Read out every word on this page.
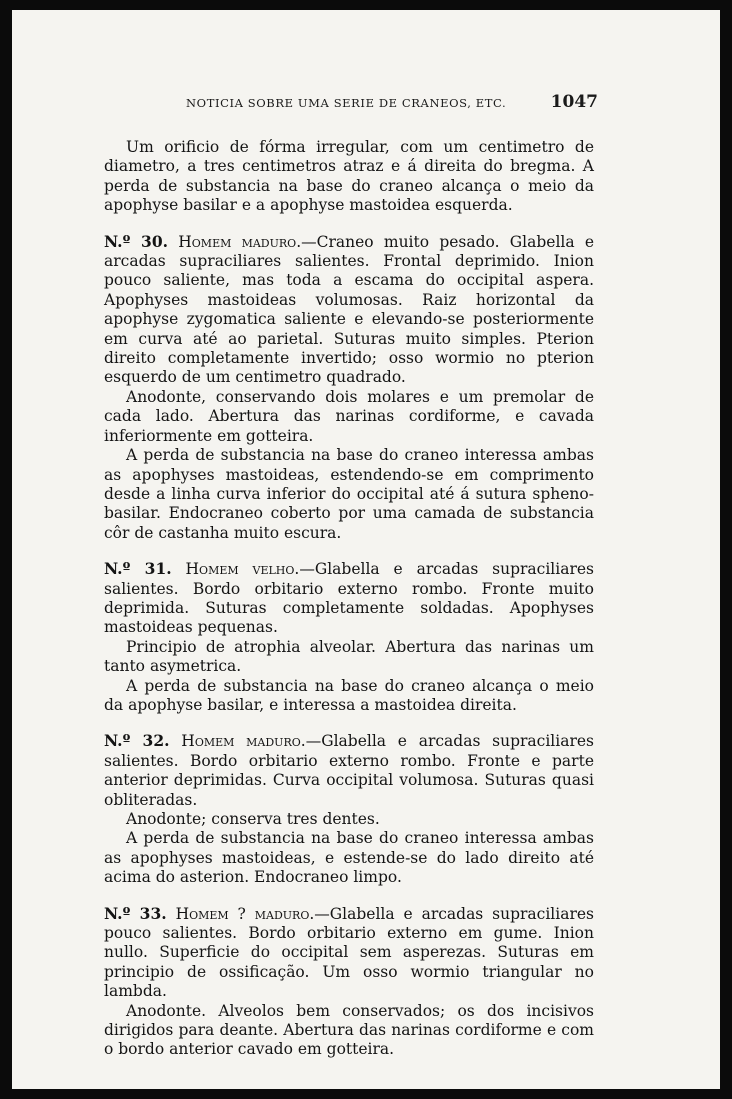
NOTICIA SOBRE UMA SERIE DE CRANEOS, ETC.	1047

Um orificio de fórma irregular, com um centimetro de diametro, a tres centimetros atraz e á direita do bregma. A perda de substancia na base do craneo alcança o meio da apophyse basilar e a apophyse mastoidea esquerda.

N.º 30. Homem maduro.—Craneo muito pesado. Glabella e arcadas supraciliares salientes. Frontal deprimido. Inion pouco saliente, mas toda a escama do occipital aspera. Apophyses mastoideas volumosas. Raiz horizontal da apophyse zygomatica saliente e elevando-se posteriormente em curva até ao parietal. Suturas muito simples. Pterion direito completamente invertido; osso wormio no pterion esquerdo de um centimetro quadrado.

Anodonte, conservando dois molares e um premolar de cada lado. Abertura das narinas cordiforme, e cavada inferiormente em gotteira.

A perda de substancia na base do craneo interessa ambas as apophyses mastoideas, estendendo-se em comprimento desde a linha curva inferior do occipital até á sutura spheno-basilar. Endocraneo coberto por uma camada de substancia côr de castanha muito escura.

N.º 31. Homem velho.—Glabella e arcadas supraciliares salientes. Bordo orbitario externo rombo. Fronte muito deprimida. Suturas completamente soldadas. Apophyses mastoideas pequenas.

Principio de atrophia alveolar. Abertura das narinas um tanto asymetrica.

A perda de substancia na base do craneo alcança o meio da apophyse basilar, e interessa a mastoidea direita.

N.º 32. Homem maduro.—Glabella e arcadas supraciliares salientes. Bordo orbitario externo rombo. Fronte e parte anterior deprimidas. Curva occipital volumosa. Suturas quasi obliteradas.

Anodonte; conserva tres dentes.

A perda de substancia na base do craneo interessa ambas as apophyses mastoideas, e estende-se do lado direito até acima do asterion. Endocraneo limpo.

N.º 33. Homem ? maduro.—Glabella e arcadas supraciliares pouco salientes. Bordo orbitario externo em gume. Inion nullo. Superficie do occipital sem asperezas. Suturas em principio de ossificação. Um osso wormio triangular no lambda.

Anodonte. Alveolos bem conservados; os dos incisivos dirigidos para deante. Abertura das narinas cordiforme e com o bordo anterior cavado em gotteira.
